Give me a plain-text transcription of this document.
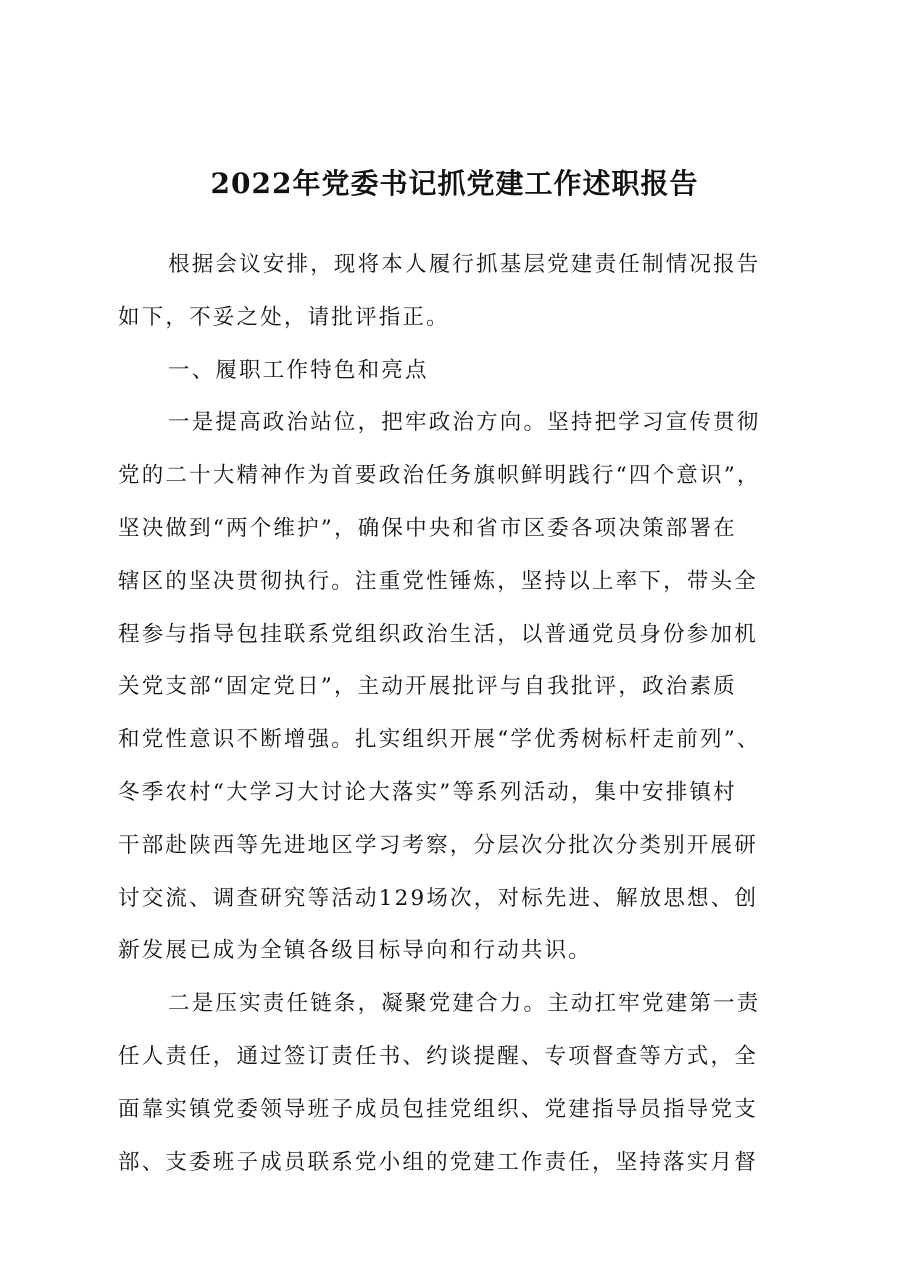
2022年党委书记抓党建工作述职报告
根据会议安排，现将本人履行抓基层党建责任制情况报告
如下，不妥之处，请批评指正。
一、履职工作特色和亮点
一是提高政治站位，把牢政治方向。坚持把学习宣传贯彻
党的二十大精神作为首要政治任务旗帜鲜明践行“四个意识”，
坚决做到“两个维护”，确保中央和省市区委各项决策部署在
辖区的坚决贯彻执行。注重党性锤炼，坚持以上率下，带头全
程参与指导包挂联系党组织政治生活，以普通党员身份参加机
关党支部“固定党日”，主动开展批评与自我批评，政治素质
和党性意识不断增强。扎实组织开展“学优秀树标杆走前列”、
冬季农村“大学习大讨论大落实”等系列活动，集中安排镇村
干部赴陕西等先进地区学习考察，分层次分批次分类别开展研
讨交流、调查研究等活动129场次，对标先进、解放思想、创
新发展已成为全镇各级目标导向和行动共识。
二是压实责任链条，凝聚党建合力。主动扛牢党建第一责
任人责任，通过签订责任书、约谈提醒、专项督查等方式，全
面靠实镇党委领导班子成员包挂党组织、党建指导员指导党支
部、支委班子成员联系党小组的党建工作责任，坚持落实月督
